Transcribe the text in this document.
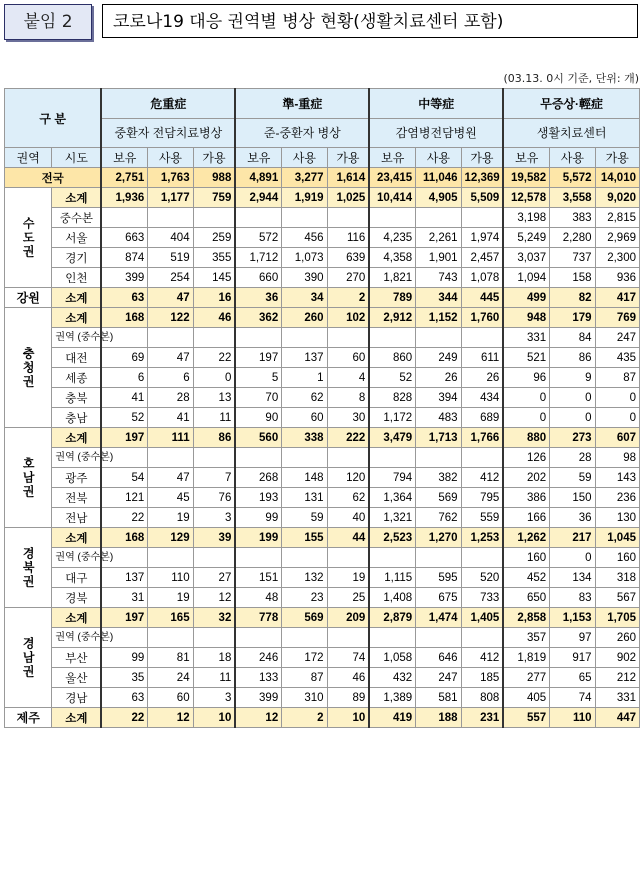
붙임 2	코로나19 대응 권역별 병상 현황(생활치료센터 포함)
(03.13. 0시 기준, 단위: 개)
구 분		危重症			準-重症			中等症			무증상·輕症		
		중환자 전담치료병상			준-중환자 병상			감염병전담병원			생활치료센터		
권역	시도	보유	사용	가용	보유	사용	가용	보유	사용	가용	보유	사용	가용
전국		2,751	1,763	988	4,891	3,277	1,614	23,415	11,046	12,369	19,582	5,572	14,010
수도권	소계	1,936	1,177	759	2,944	1,919	1,025	10,414	4,905	5,509	12,578	3,558	9,020
	중수본										3,198	383	2,815
	서울	663	404	259	572	456	116	4,235	2,261	1,974	5,249	2,280	2,969
	경기	874	519	355	1,712	1,073	639	4,358	1,901	2,457	3,037	737	2,300
	인천	399	254	145	660	390	270	1,821	743	1,078	1,094	158	936
강원	소계	63	47	16	36	34	2	789	344	445	499	82	417
충청권	소계	168	122	46	362	260	102	2,912	1,152	1,760	948	179	769
	권역 (중수본)										331	84	247
	대전	69	47	22	197	137	60	860	249	611	521	86	435
	세종	6	6	0	5	1	4	52	26	26	96	9	87
	충북	41	28	13	70	62	8	828	394	434	0	0	0
	충남	52	41	11	90	60	30	1,172	483	689	0	0	0
호남권	소계	197	111	86	560	338	222	3,479	1,713	1,766	880	273	607
	권역 (중수본)										126	28	98
	광주	54	47	7	268	148	120	794	382	412	202	59	143
	전북	121	45	76	193	131	62	1,364	569	795	386	150	236
	전남	22	19	3	99	59	40	1,321	762	559	166	36	130
경북권	소계	168	129	39	199	155	44	2,523	1,270	1,253	1,262	217	1,045
	권역 (중수본)										160	0	160
	대구	137	110	27	151	132	19	1,115	595	520	452	134	318
	경북	31	19	12	48	23	25	1,408	675	733	650	83	567
경남권	소계	197	165	32	778	569	209	2,879	1,474	1,405	2,858	1,153	1,705
	권역 (중수본)										357	97	260
	부산	99	81	18	246	172	74	1,058	646	412	1,819	917	902
	울산	35	24	11	133	87	46	432	247	185	277	65	212
	경남	63	60	3	399	310	89	1,389	581	808	405	74	331
제주	소계	22	12	10	12	2	10	419	188	231	557	110	447
